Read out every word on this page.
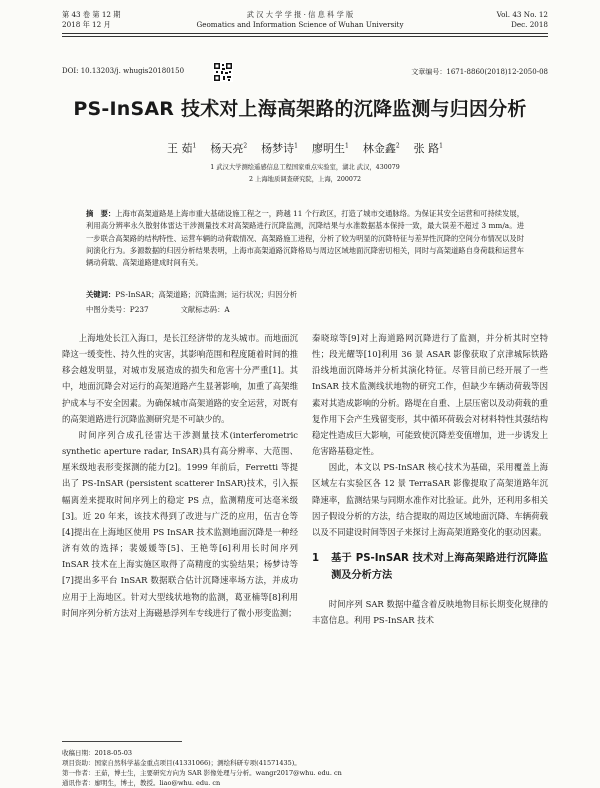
第 43 卷 第 12 期
2018 年 12 月
武 汉 大 学 学 报 · 信 息 科 学 版
Geomatics and Information Science of Wuhan University
Vol. 43 No. 12
Dec. 2018
DOI: 10.13203/j. whugis20180150	文章编号：1671-8860(2018)12-2050-08
PS-InSAR 技术对上海高架路的沉降监测与归因分析
王 茹$^1$ 杨天亮$^2$ 杨梦诗$^1$ 廖明生$^1$ 林金鑫$^2$ 张 路$^1$
1 武汉大学测绘遥感信息工程国家重点实验室，湖北 武汉，430079
2 上海地质调查研究院，上海，200072
摘　要：上海市高架道路是上海市重大基础设施工程之一，跨越 11 个行政区，打造了城市交通脉络。为保证其安全运营和可持续发展，利用高分辨率永久散射体雷达干涉测量技术对高架路进行沉降监测，沉降结果与水准数据基本保持一致，最大误差不超过 3 mm/a。进一步联合高架路的结构特性、运营车辆的动荷载情况、高架路施工进程，分析了较为明显的沉降特征与差异性沉降的空间分布情况以及时间演化行为。多源数据的归因分析结果表明，上海市高架道路沉降格局与周边区域地面沉降密切相关，同时与高架道路自身荷载和运营车辆动荷载、高架道路建成时间有关。
关键词：PS-InSAR；高架道路；沉降监测；运行状况；归因分析
中图分类号：P237	文献标志码：A

上海地处长江入海口，是长江经济带的龙头城市。而地面沉降这一缓变性、持久性的灾害，其影响范围和程度随着时间的推移会越发明显，对城市发展造成的损失和危害十分严重[1]。其中，地面沉降会对运行的高架道路产生显著影响，加重了高架维护成本与不安全因素。为确保城市高架道路的安全运营，对既有的高架道路进行沉降监测研究是不可缺少的。

时间序列合成孔径雷达干涉测量技术(interferometric synthetic aperture radar, InSAR)具有高分辨率、大范围、厘米级地表形变探测的能力[2]。1999 年前后，Ferretti 等提出了 PS-InSAR (persistent scatterer InSAR)技术，引入振幅离差来提取时间序列上的稳定 PS 点，监测精度可达毫米级[3]。近 20 年来，该技术得到了改进与广泛的应用，伍吉仓等[4]提出在上海地区使用 PS InSAR 技术监测地面沉降是一种经济有效的选择；裴媛媛等[5]、王艳等[6]利用长时间序列 InSAR 技术在上海实施区取得了高精度的实验结果；杨梦诗等[7]提出多平台 InSAR 数据联合估计沉降速率场方法，并成功应用于上海地区。针对大型线状地物的监测，葛亚楠等[8]利用时间序列分析方法对上海磁悬浮列车专线进行了微小形变监测；

秦晓琼等[9]对上海道路网沉降进行了监测，并分析其时空特性；段光耀等[10]利用 36 景 ASAR 影像获取了京津城际铁路沿线地面沉降场并分析其演化特征。尽管目前已经开展了一些 InSAR 技术监测线状地物的研究工作，但缺少车辆动荷载等因素对其造成影响的分析。路堤在自重、上层压密以及动荷载的重复作用下会产生残留变形，其中循环荷载会对材料特性其强结构稳定性造成巨大影响，可能致使沉降差变值增加，进一步诱发上危害路基稳定性。

因此，本文以 PS-InSAR 核心技术为基础，采用覆盖上海区域左右实验区各 12 景 TerraSAR 影像提取了高架道路年沉降速率，监测结果与同期水准作对比验证。此外，还利用多相关因子假设分析的方法，结合提取的周边区域地面沉降、车辆荷载以及不同建设时间等因子来探讨上海高架道路变化的驱动因素。

1 基于 PS-InSAR 技术对上海高架路进行沉降监测及分析方法

时间序列 SAR 数据中蕴含着反映地物目标长期变化规律的丰富信息。利用 PS-InSAR 技术

收稿日期：2018-05-03
项目资助：国家自然科学基金重点项目(41331066)；测绘科研专项(41571435)。
第一作者：王茹，博士生，主要研究方向为 SAR 影像处理与分析。wangr2017@whu. edu. cn
通讯作者：廖明生，博士，教授。liao@whu. edu. cn
